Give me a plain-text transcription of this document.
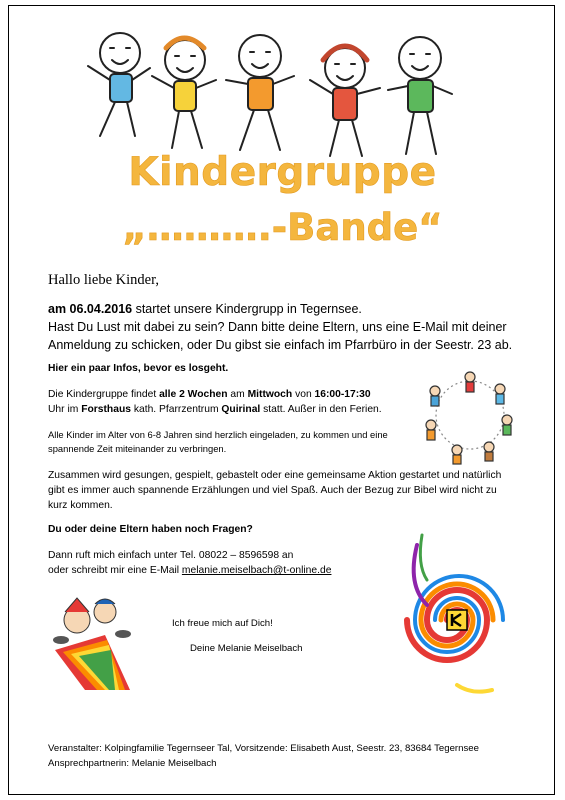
Kindergruppe
„……….-Bande“
Hallo liebe Kinder,
am 06.04.2016 startet unsere Kindergrupp in Tegernsee.
Hast Du Lust mit dabei zu sein? Dann bitte deine Eltern, uns eine E-Mail mit deiner Anmeldung zu schicken, oder Du gibst sie einfach im Pfarrbüro in der Seestr. 23 ab.
Hier ein paar Infos, bevor es losgeht.
Die Kindergruppe findet alle 2 Wochen am Mittwoch von 16:00-17:30 Uhr im Forsthaus kath. Pfarrzentrum Quirinal statt. Außer in den Ferien.
Alle Kinder im Alter von 6-8 Jahren sind herzlich eingeladen, zu kommen und eine spannende Zeit miteinander zu verbringen.
Zusammen wird gesungen, gespielt, gebastelt oder eine gemeinsame Aktion gestartet und natürlich gibt es immer auch spannende Erzählungen und viel Spaß. Auch der Bezug zur Bibel wird nicht zu kurz kommen.
Du oder deine Eltern haben noch Fragen?
Dann ruft mich einfach unter Tel. 08022 – 8596598 an
oder schreibt mir eine E-Mail melanie.meiselbach@t-online.de
Ich freue mich auf Dich!
Deine Melanie Meiselbach
Veranstalter: Kolpingfamilie Tegernseer Tal, Vorsitzende: Elisabeth Aust, Seestr. 23, 83684 Tegernsee
Ansprechpartnerin: Melanie Meiselbach
